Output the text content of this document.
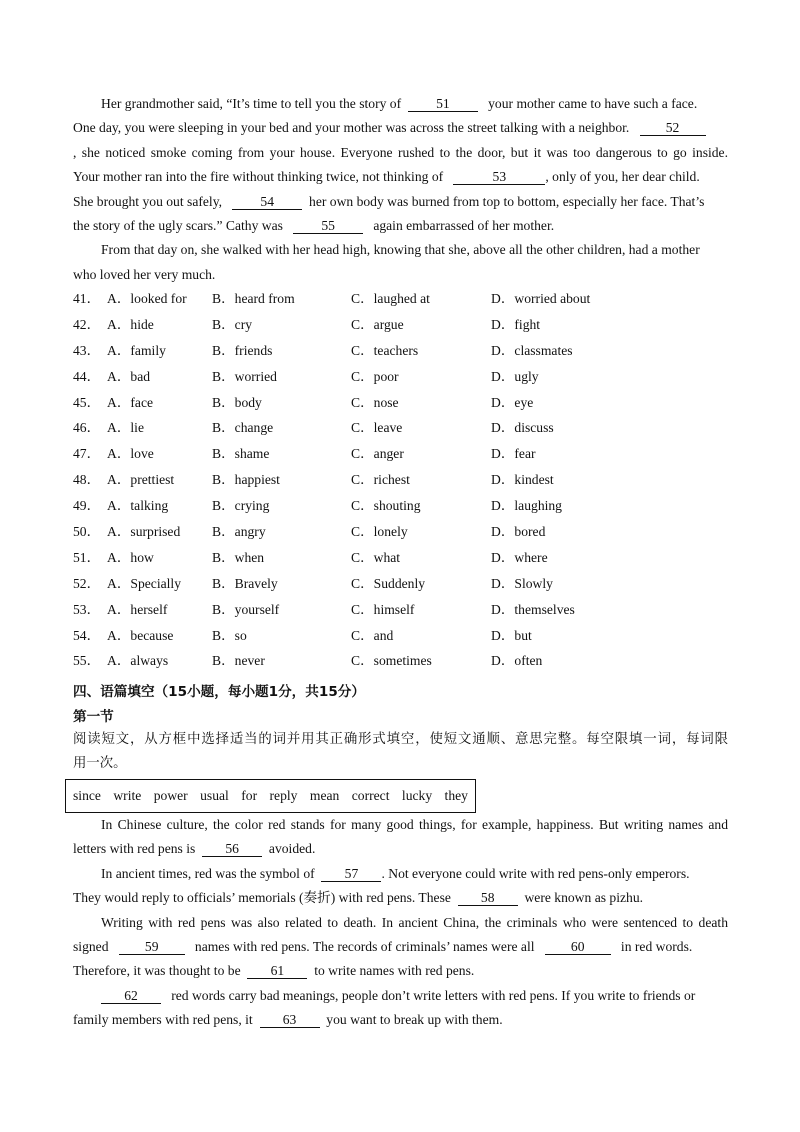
Her grandmother said, “It’s time to tell you the story of	51	your mother came to have such a face.
One day, you were sleeping in your bed and your mother was across the street talking with a neighbor.	52
, she noticed smoke coming from your house. Everyone rushed to the door, but it was too dangerous to go inside.
Your mother ran into the fire without thinking twice, not thinking of	53	, only of you, her dear child.
She brought you out safely,	54	her own body was burned from top to bottom, especially her face. That’s
the story of the ugly scars.” Cathy was	55	again embarrassed of her mother.
From that day on, she walked with her head high, knowing that she, above all the other children, had a mother
who loved her very much.
41． A．looked for B．heard from	C．laughed at	D．worried about
42． A．hide	B．cry	C．argue	D．fight
43． A．family	B．friends	C．teachers	D．classmates
44． A．bad	B．worried	C．poor	D．ugly
45． A．face	B．body	C．nose	D．eye
46． A．lie	B．change	C．leave	D．discuss
47． A．love	B．shame	C．anger	D．fear
48． A．prettiest	B．happiest	C．richest	D．kindest
49． A．talking	B．crying	C．shouting	D．laughing
50． A．surprised B．angry	C．lonely	D．bored
51． A．how	B．when	C．what	D．where
52． A．Specially B．Bravely	C．Suddenly	D．Slowly
53． A．herself	B．yourself	C．himself	D．themselves
54． A．because	B．so	C．and	D．but
55． A．always	B．never	C．sometimes	D．often
四、语篇填空（15小题，每小题1分，共15分）
第一节
阅读短文，从方框中选择适当的词并用其正确形式填空，使短文通顺、意思完整。每空限填一词，每词限
用一次。
since write power usual for reply mean correct lucky they
In Chinese culture, the color red stands for many good things, for example, happiness. But writing names and
letters with red pens is 56 avoided.
In ancient times, red was the symbol of 57 . Not everyone could write with red pens-only emperors.
They would reply to officials’ memorials (奏折) with red pens. These 58 were known as pizhu.
Writing with red pens was also related to death. In ancient China, the criminals who were sentenced to death
signed	59	names with red pens. The records of criminals’ names were all	60	in red words.
Therefore, it was thought to be 61 to write names with red pens.
62 red words carry bad meanings, people don’t write letters with red pens. If you write to friends or
family members with red pens, it 63 you want to break up with them.
